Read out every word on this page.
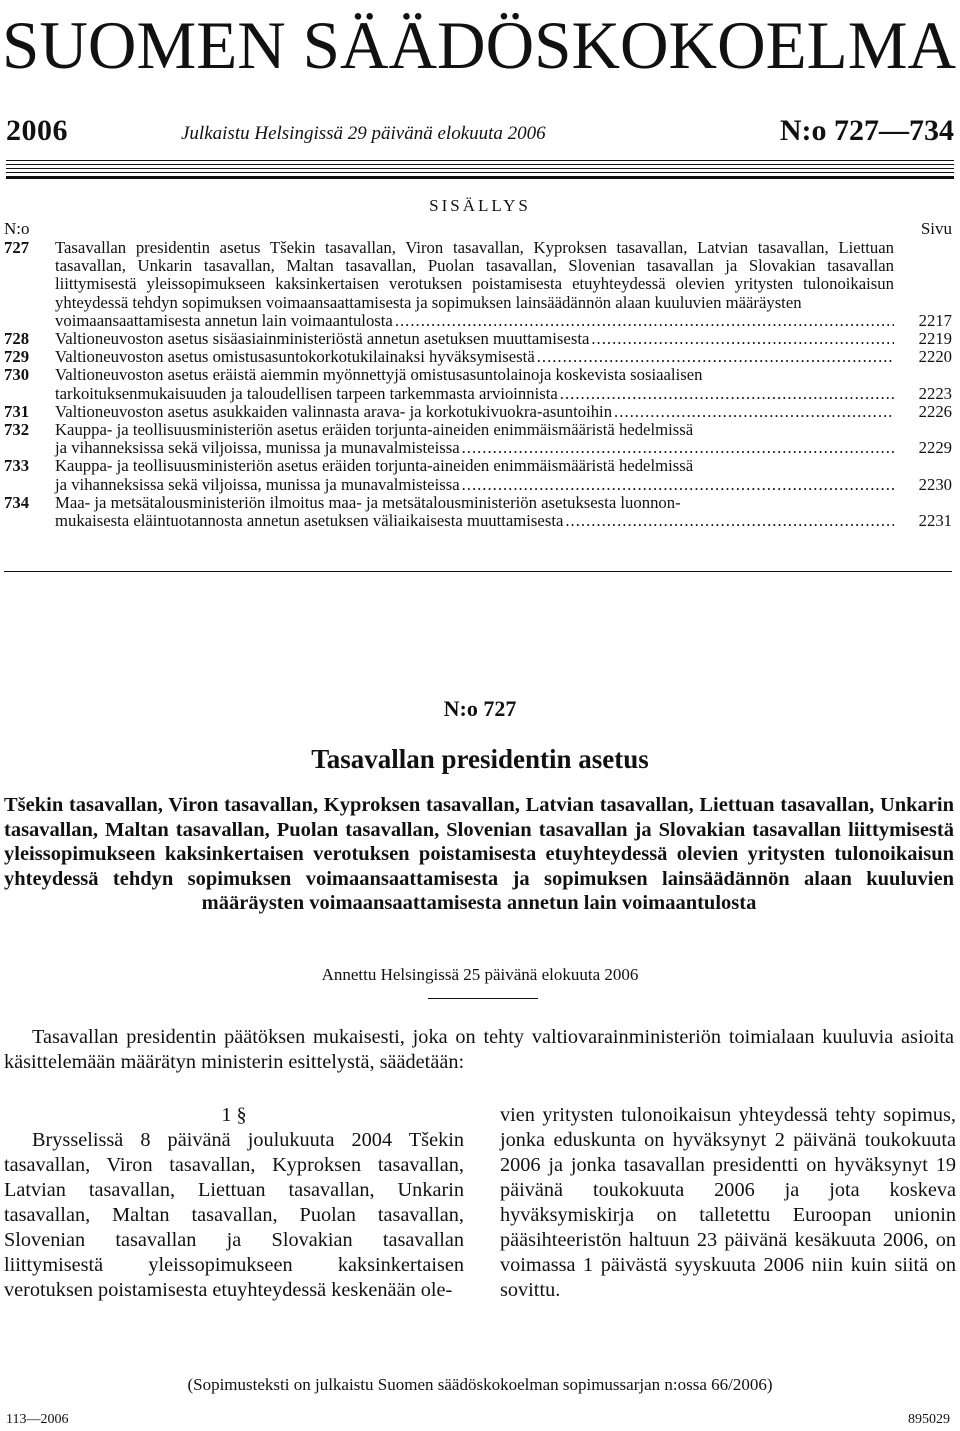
SUOMEN SÄÄDÖSKOKOELMA
2006	Julkaistu Helsingissä 29 päivänä elokuuta 2006	N:o 727—734
SISÄLLYS
N:o	Sivu
727 Tasavallan presidentin asetus Tšekin tasavallan, Viron tasavallan, Kyproksen tasavallan, Latvian tasavallan, Liettuan tasavallan, Unkarin tasavallan, Maltan tasavallan, Puolan tasavallan, Slovenian tasavallan ja Slovakian tasavallan liittymisestä yleissopimukseen kaksinkertaisen verotuksen poistamisesta etuyhteydessä olevien yritysten tulonoikaisun yhteydessä tehdyn sopimuksen voimaansaattamisesta ja sopimuksen lainsäädännön alaan kuuluvien määräysten
voimaansaattamisesta annetun lain voimaantulosta .....	2217
728 Valtioneuvoston asetus sisäasiainministeriöstä annetun asetuksen muuttamisesta .....	2219
729 Valtioneuvoston asetus omistusasuntokorkotukilainaksi hyväksymisestä .....	2220
730 Valtioneuvoston asetus eräistä aiemmin myönnettyjä omistusasuntolainoja koskevista sosiaalisen
tarkoituksenmukaisuuden ja taloudellisen tarpeen tarkemmasta arvioinnista .....	2223
731 Valtioneuvoston asetus asukkaiden valinnasta arava- ja korkotukivuokra-asuntoihin .....	2226
732 Kauppa- ja teollisuusministeriön asetus eräiden torjunta-aineiden enimmäismääristä hedelmissä
ja vihanneksissa sekä viljoissa, munissa ja munavalmisteissa .....	2229
733 Kauppa- ja teollisuusministeriön asetus eräiden torjunta-aineiden enimmäismääristä hedelmissä
ja vihanneksissa sekä viljoissa, munissa ja munavalmisteissa .....	2230
734 Maa- ja metsätalousministeriön ilmoitus maa- ja metsätalousministeriön asetuksesta luonnon-
mukaisesta eläintuotannosta annetun asetuksen väliaikaisesta muuttamisesta .....	2231
N:o 727
Tasavallan presidentin asetus
Tšekin tasavallan, Viron tasavallan, Kyproksen tasavallan, Latvian tasavallan, Liettuan tasavallan, Unkarin tasavallan, Maltan tasavallan, Puolan tasavallan, Slovenian tasavallan ja Slovakian tasavallan liittymisestä yleissopimukseen kaksinkertaisen verotuksen poistamisesta etuyhteydessä olevien yritysten tulonoikaisun yhteydessä tehdyn sopimuksen voimaansaattamisesta ja sopimuksen lainsäädännön alaan kuuluvien määräysten voimaansaattamisesta annetun lain voimaantulosta
Annettu Helsingissä 25 päivänä elokuuta 2006
Tasavallan presidentin päätöksen mukaisesti, joka on tehty valtiovarainministeriön toimialaan kuuluvia asioita käsittelemään määrätyn ministerin esittelystä, säädetään:
1 §
Brysselissä 8 päivänä joulukuuta 2004 Tšekin tasavallan, Viron tasavallan, Kyproksen tasavallan, Latvian tasavallan, Liettuan tasavallan, Unkarin tasavallan, Maltan tasavallan, Puolan tasavallan, Slovenian tasavallan ja Slovakian tasavallan liittymisestä yleissopimukseen kaksinkertaisen verotuksen poistamisesta etuyhteydessä keskenään ole-
vien yritysten tulonoikaisun yhteydessä tehty sopimus, jonka eduskunta on hyväksynyt 2 päivänä toukokuuta 2006 ja jonka tasavallan presidentti on hyväksynyt 19 päivänä toukokuuta 2006 ja jota koskeva hyväksymiskirja on talletettu Euroopan unionin pääsihteeristön haltuun 23 päivänä kesäkuuta 2006, on voimassa 1 päivästä syyskuuta 2006 niin kuin siitä on sovittu.
(Sopimusteksti on julkaistu Suomen säädöskokoelman sopimussarjan n:ossa 66/2006)
113—2006	895029
